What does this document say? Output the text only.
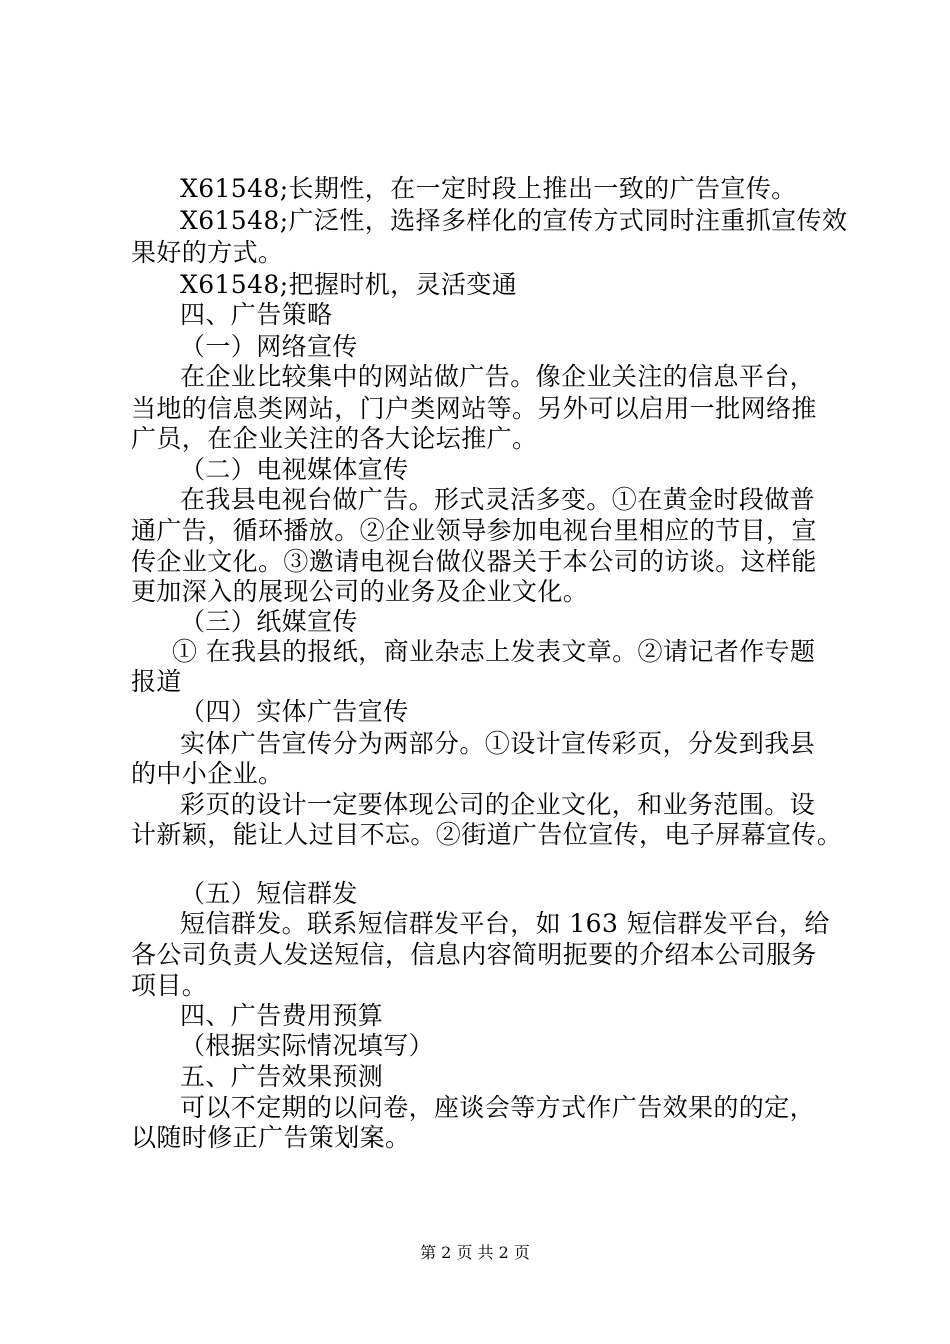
X61548;长期性，在一定时段上推出一致的广告宣传。
X61548;广泛性，选择多样化的宣传方式同时注重抓宣传效
果好的方式。
X61548;把握时机，灵活变通
四、广告策略
（一）网络宣传
在企业比较集中的网站做广告。像企业关注的信息平台，
当地的信息类网站，门户类网站等。另外可以启用一批网络推
广员，在企业关注的各大论坛推广。
（二）电视媒体宣传
在我县电视台做广告。形式灵活多变。①在黄金时段做普
通广告，循环播放。②企业领导参加电视台里相应的节目，宣
传企业文化。③邀请电视台做仪器关于本公司的访谈。这样能
更加深入的展现公司的业务及企业文化。
（三）纸媒宣传
① 在我县的报纸，商业杂志上发表文章。②请记者作专题
报道
（四）实体广告宣传
实体广告宣传分为两部分。①设计宣传彩页，分发到我县
的中小企业。
彩页的设计一定要体现公司的企业文化，和业务范围。设
计新颖，能让人过目不忘。②街道广告位宣传，电子屏幕宣传。
（五）短信群发
短信群发。联系短信群发平台，如 163 短信群发平台，给
各公司负责人发送短信，信息内容简明扼要的介绍本公司服务
项目。
四、广告费用预算
（根据实际情况填写）
五、广告效果预测
可以不定期的以问卷，座谈会等方式作广告效果的的定，
以随时修正广告策划案。
第 2 页 共 2 页
